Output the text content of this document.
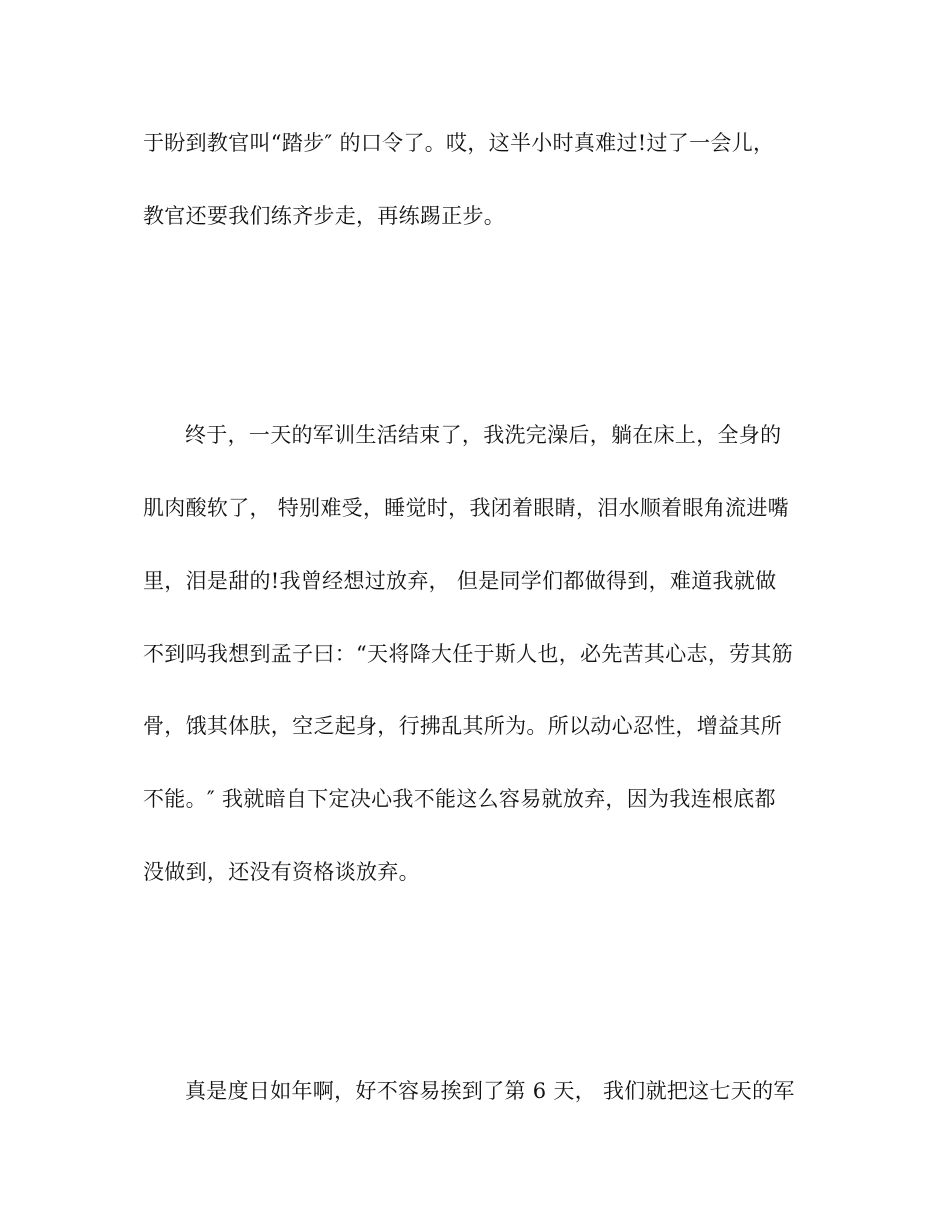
于盼到教官叫“踏步″ 的口令了。哎，这半小时真难过!过了一会儿，
教官还要我们练齐步走，再练踢正步。
终于，一天的军训生活结束了，我洗完澡后，躺在床上，全身的
肌肉酸软了， 特别难受，睡觉时，我闭着眼睛，泪水顺着眼角流进嘴
里，泪是甜的!我曾经想过放弃， 但是同学们都做得到，难道我就做
不到吗我想到孟子曰：“天将降大任于斯人也，必先苦其心志，劳其筋
骨，饿其体肤，空乏起身，行拂乱其所为。所以动心忍性，增益其所
不能。″ 我就暗自下定决心我不能这么容易就放弃，因为我连根底都
没做到，还没有资格谈放弃。
真是度日如年啊，好不容易挨到了第 6 天， 我们就把这七天的军
